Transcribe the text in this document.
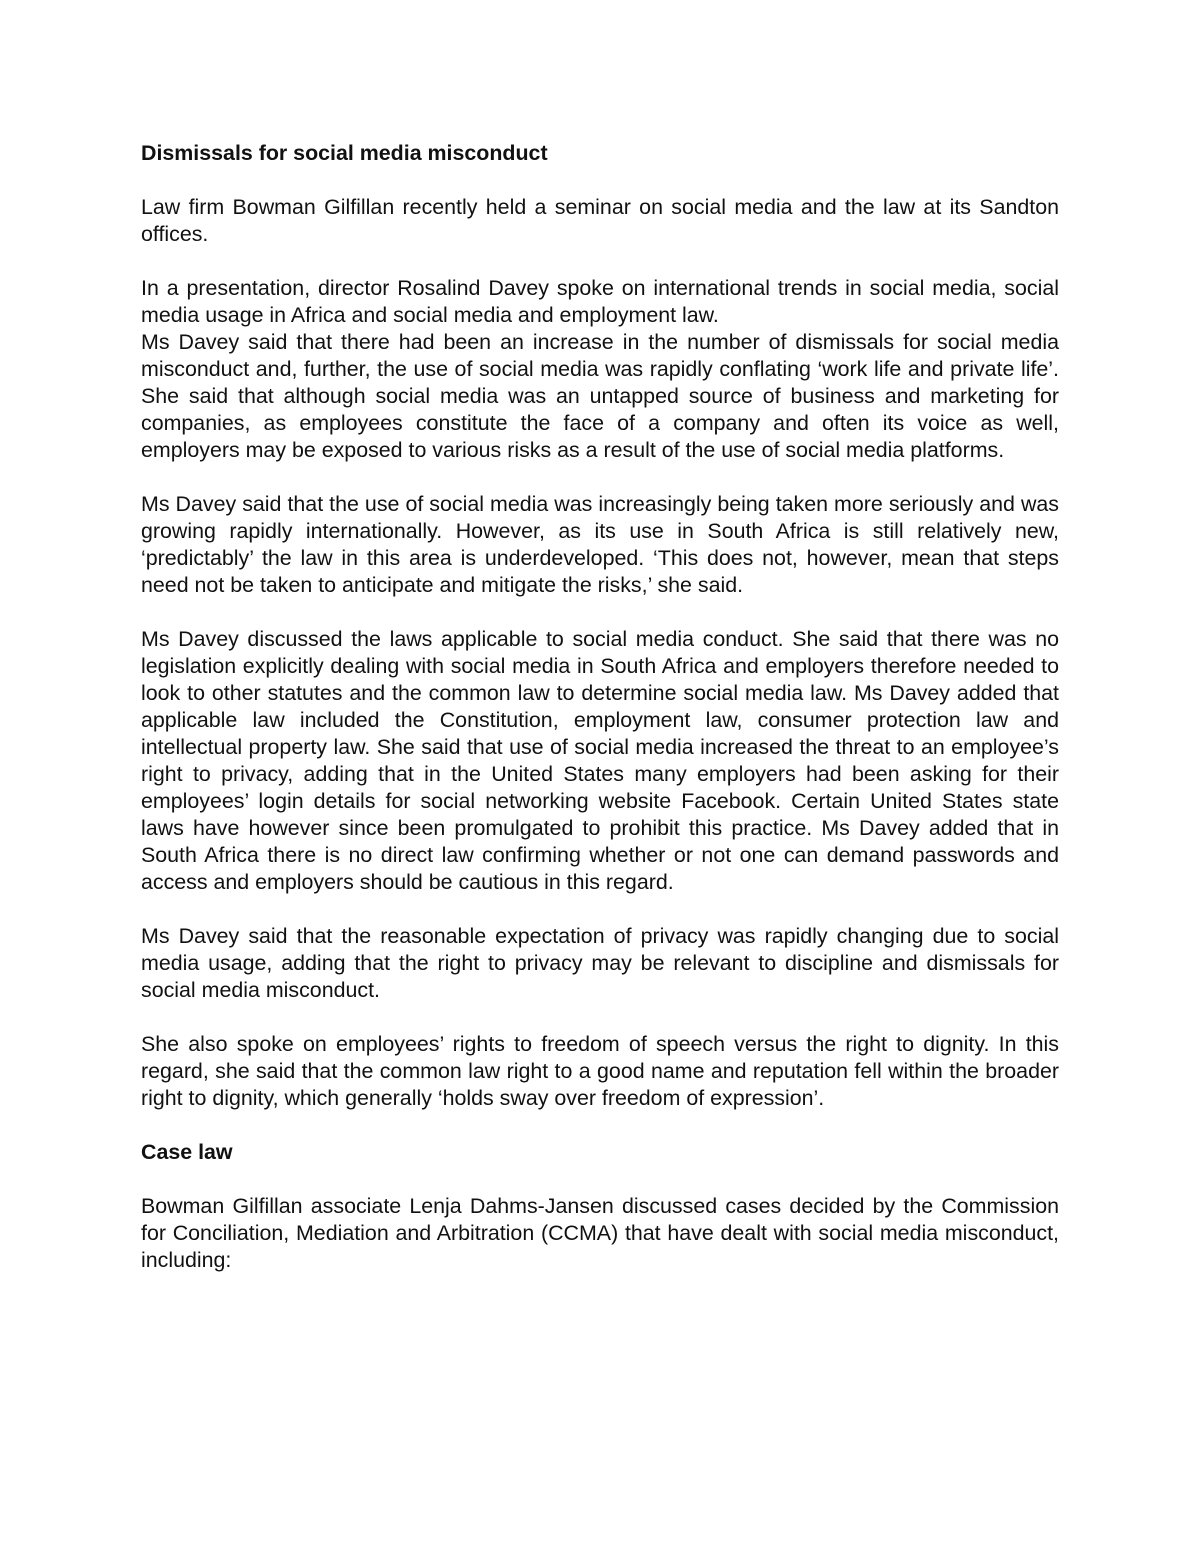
Dismissals for social media misconduct

Law firm Bowman Gilfillan recently held a seminar on social media and the law at its Sandton offices.

In a presentation, director Rosalind Davey spoke on international trends in social media, social media usage in Africa and social media and employment law.

Ms Davey said that there had been an increase in the number of dismissals for social media misconduct and, further, the use of social media was rapidly conflating ‘work life and private life’. She said that although social media was an untapped source of business and marketing for companies, as employees constitute the face of a company and often its voice as well, employers may be exposed to various risks as a result of the use of social media platforms.

Ms Davey said that the use of social media was increasingly being taken more seriously and was growing rapidly internationally. However, as its use in South Africa is still relatively new, ‘predictably’ the law in this area is underdeveloped. ‘This does not, however, mean that steps need not be taken to anticipate and mitigate the risks,’ she said.

Ms Davey discussed the laws applicable to social media conduct. She said that there was no legislation explicitly dealing with social media in South Africa and employers therefore needed to look to other statutes and the common law to determine social media law. Ms Davey added that applicable law included the Constitution, employment law, consumer protection law and intellectual property law. She said that use of social media increased the threat to an employee’s right to privacy, adding that in the United States many employers had been asking for their employees’ login details for social networking website Facebook. Certain United States state laws have however since been promulgated to prohibit this practice. Ms Davey added that in South Africa there is no direct law confirming whether or not one can demand passwords and access and employers should be cautious in this regard.

Ms Davey said that the reasonable expectation of privacy was rapidly changing due to social media usage, adding that the right to privacy may be relevant to discipline and dismissals for social media misconduct.

She also spoke on employees’ rights to freedom of speech versus the right to dignity. In this regard, she said that the common law right to a good name and reputation fell within the broader right to dignity, which generally ‘holds sway over freedom of expression’.

Case law

Bowman Gilfillan associate Lenja Dahms-Jansen discussed cases decided by the Commission for Conciliation, Mediation and Arbitration (CCMA) that have dealt with social media misconduct, including:
